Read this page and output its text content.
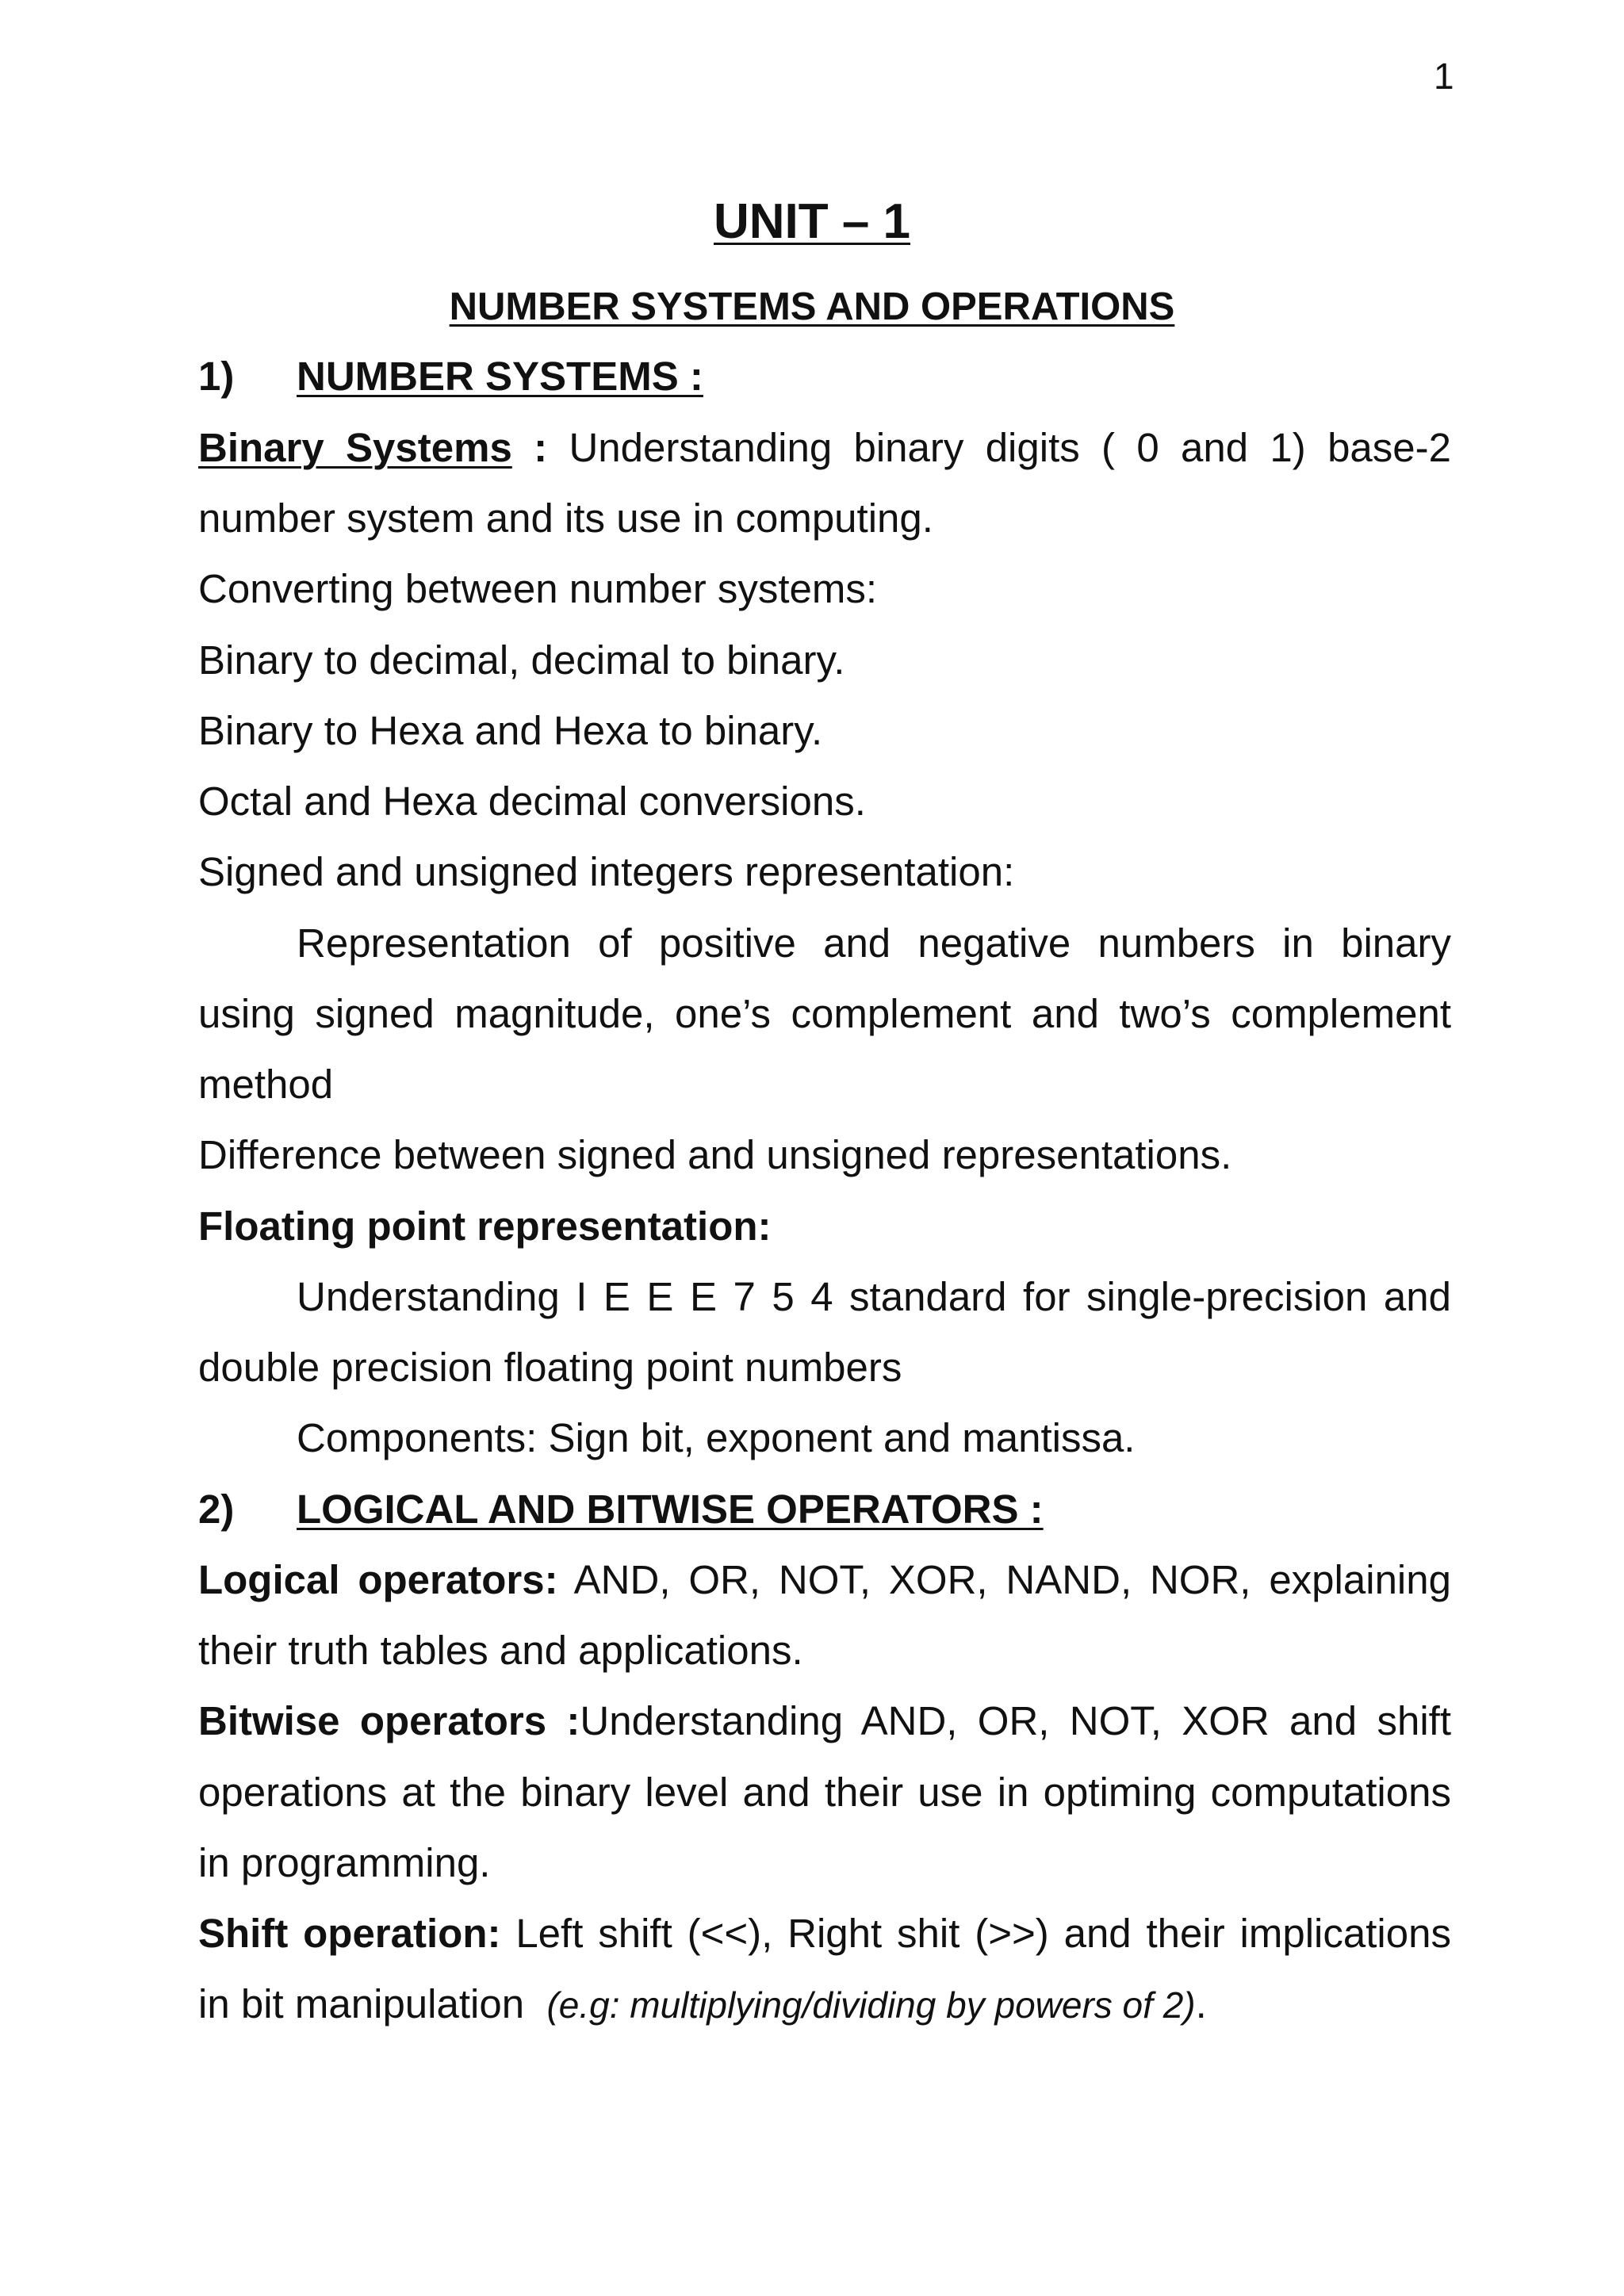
1
UNIT – 1
NUMBER SYSTEMS AND OPERATIONS
1) NUMBER SYSTEMS :
Binary Systems : Understanding binary digits ( 0 and 1) base-2
number system and its use in computing.
Converting between number systems:
Binary to decimal, decimal to binary.
Binary to Hexa and Hexa to binary.
Octal and Hexa decimal conversions.
Signed and unsigned integers representation:
Representation of positive and negative numbers in binary
using signed magnitude, one’s complement and two’s complement
method
Difference between signed and unsigned representations.
Floating point representation:
Understanding I E E E 7 5 4 standard for single-precision and
double precision floating point numbers
Components: Sign bit, exponent and mantissa.
2) LOGICAL AND BITWISE OPERATORS :
Logical operators: AND, OR, NOT, XOR, NAND, NOR, explaining
their truth tables and applications.
Bitwise operators :Understanding AND, OR, NOT, XOR and shift
operations at the binary level and their use in optiming computations
in programming.
Shift operation: Left shift (<<), Right shit (>>) and their implications
in bit manipulation (e.g: multiplying/dividing by powers of 2).
